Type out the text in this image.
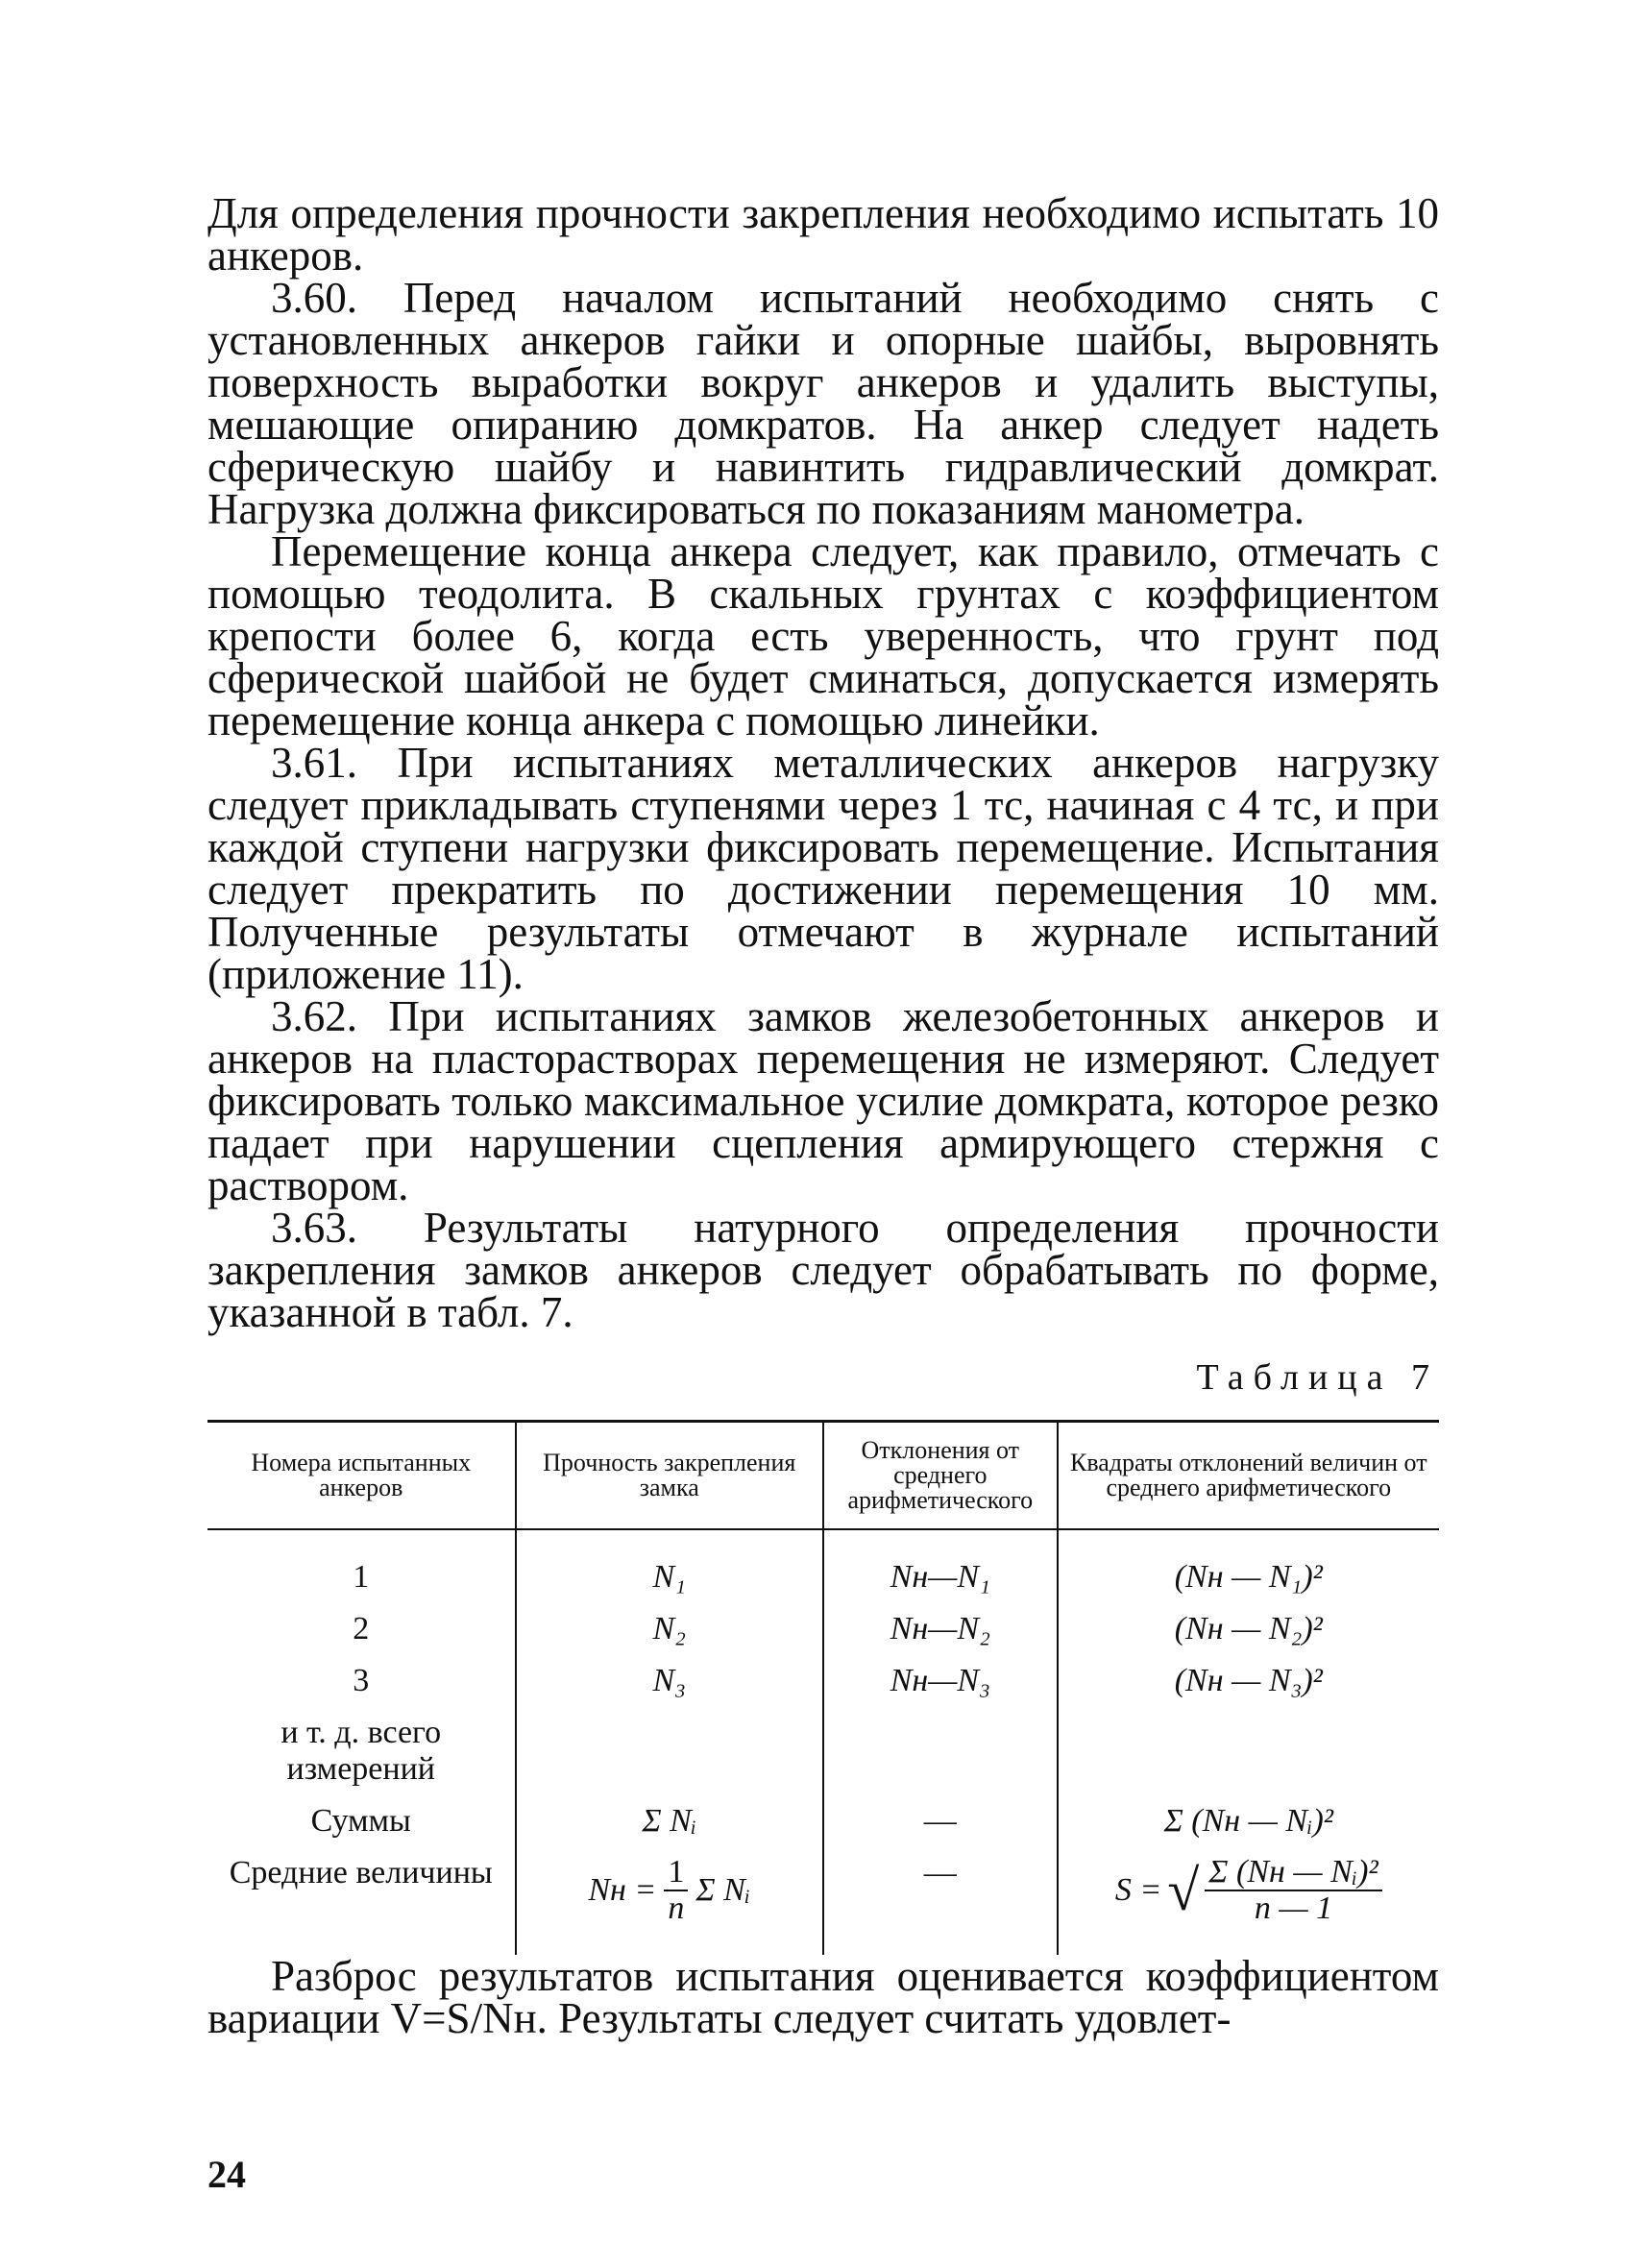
Для определения прочности закрепления необходимо испытать 10 анкеров.

3.60. Перед началом испытаний необходимо снять с установленных анкеров гайки и опорные шайбы, выровнять поверхность выработки вокруг анкеров и удалить выступы, мешающие опиранию домкратов. На анкер следует надеть сферическую шайбу и навинтить гидравлический домкрат. Нагрузка должна фиксироваться по показаниям манометра.

Перемещение конца анкера следует, как правило, отмечать с помощью теодолита. В скальных грунтах с коэффициентом крепости более 6, когда есть уверенность, что грунт под сферической шайбой не будет сминаться, допускается измерять перемещение конца анкера с помощью линейки.

3.61. При испытаниях металлических анкеров нагрузку следует прикладывать ступенями через 1 тс, начиная с 4 тс, и при каждой ступени нагрузки фиксировать перемещение. Испытания следует прекратить по достижении перемещения 10 мм. Полученные результаты отмечают в журнале испытаний (приложение 11).

3.62. При испытаниях замков железобетонных анкеров и анкеров на пласторастворах перемещения не измеряют. Следует фиксировать только максимальное усилие домкрата, которое резко падает при нарушении сцепления армирующего стержня с раствором.

3.63. Результаты натурного определения прочности закрепления замков анкеров следует обрабатывать по форме, указанной в табл. 7.

Таблица 7
Номера испытанных анкеров	Прочность закрепления замка	Отклонения от среднего арифметического	Квадраты отклонений величин от среднего арифметического
1	N₁	Nн—N₁	(Nн — N₁)²
2	N₂	Nн—N₂	(Nн — N₂)²
3	N₃	Nн—N₃	(Nн — N₃)²
и т. д. всего измерений			
Суммы	Σ Nᵢ	—	Σ (Nн — Nᵢ)²
Средние величины	Nн = $\frac{1}{n}$ Σ Nᵢ	—	S = √ $\frac{\text{Σ (Nн — Nᵢ)²}}{n — 1}$

Разброс результатов испытания оценивается коэффициентом вариации V=S/Nн. Результаты следует считать удовлет-

24
